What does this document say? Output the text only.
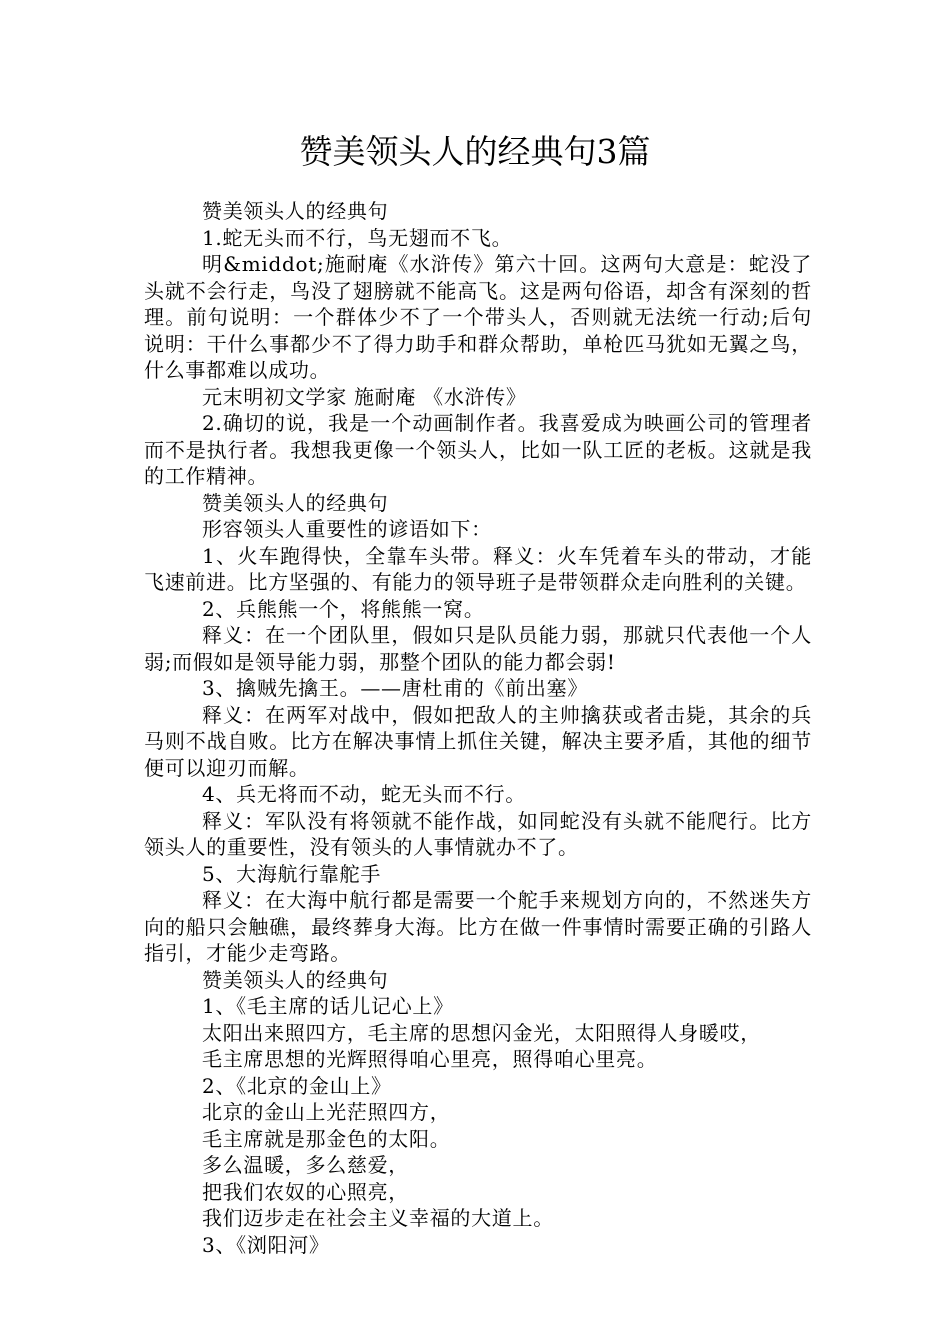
赞美领头人的经典句3篇

赞美领头人的经典句

1.蛇无头而不行，鸟无翅而不飞。

明&middot;施耐庵《水浒传》第六十回。这两句大意是：蛇没了头就不会行走，鸟没了翅膀就不能高飞。这是两句俗语，却含有深刻的哲理。前句说明：一个群体少不了一个带头人，否则就无法统一行动;后句说明：干什么事都少不了得力助手和群众帮助，单枪匹马犹如无翼之鸟，什么事都难以成功。

元末明初文学家 施耐庵 《水浒传》

2.确切的说，我是一个动画制作者。我喜爱成为映画公司的管理者而不是执行者。我想我更像一个领头人，比如一队工匠的老板。这就是我的工作精神。

赞美领头人的经典句

形容领头人重要性的谚语如下：

1、火车跑得快，全靠车头带。释义：火车凭着车头的带动，才能飞速前进。比方坚强的、有能力的领导班子是带领群众走向胜利的关键。

2、兵熊熊一个，将熊熊一窝。

释义：在一个团队里，假如只是队员能力弱，那就只代表他一个人弱;而假如是领导能力弱，那整个团队的能力都会弱!

3、擒贼先擒王。——唐杜甫的《前出塞》

释义：在两军对战中，假如把敌人的主帅擒获或者击毙，其余的兵马则不战自败。比方在解决事情上抓住关键，解决主要矛盾，其他的细节便可以迎刃而解。

4、兵无将而不动，蛇无头而不行。

释义：军队没有将领就不能作战，如同蛇没有头就不能爬行。比方领头人的重要性，没有领头的人事情就办不了。

5、大海航行靠舵手

释义：在大海中航行都是需要一个舵手来规划方向的，不然迷失方向的船只会触礁，最终葬身大海。比方在做一件事情时需要正确的引路人指引，才能少走弯路。

赞美领头人的经典句

1、《毛主席的话儿记心上》

太阳出来照四方，毛主席的思想闪金光，太阳照得人身暖哎，

毛主席思想的光辉照得咱心里亮，照得咱心里亮。

2、《北京的金山上》

北京的金山上光茫照四方，

毛主席就是那金色的太阳。

多么温暖，多么慈爱，

把我们农奴的心照亮，

我们迈步走在社会主义幸福的大道上。

3、《浏阳河》
